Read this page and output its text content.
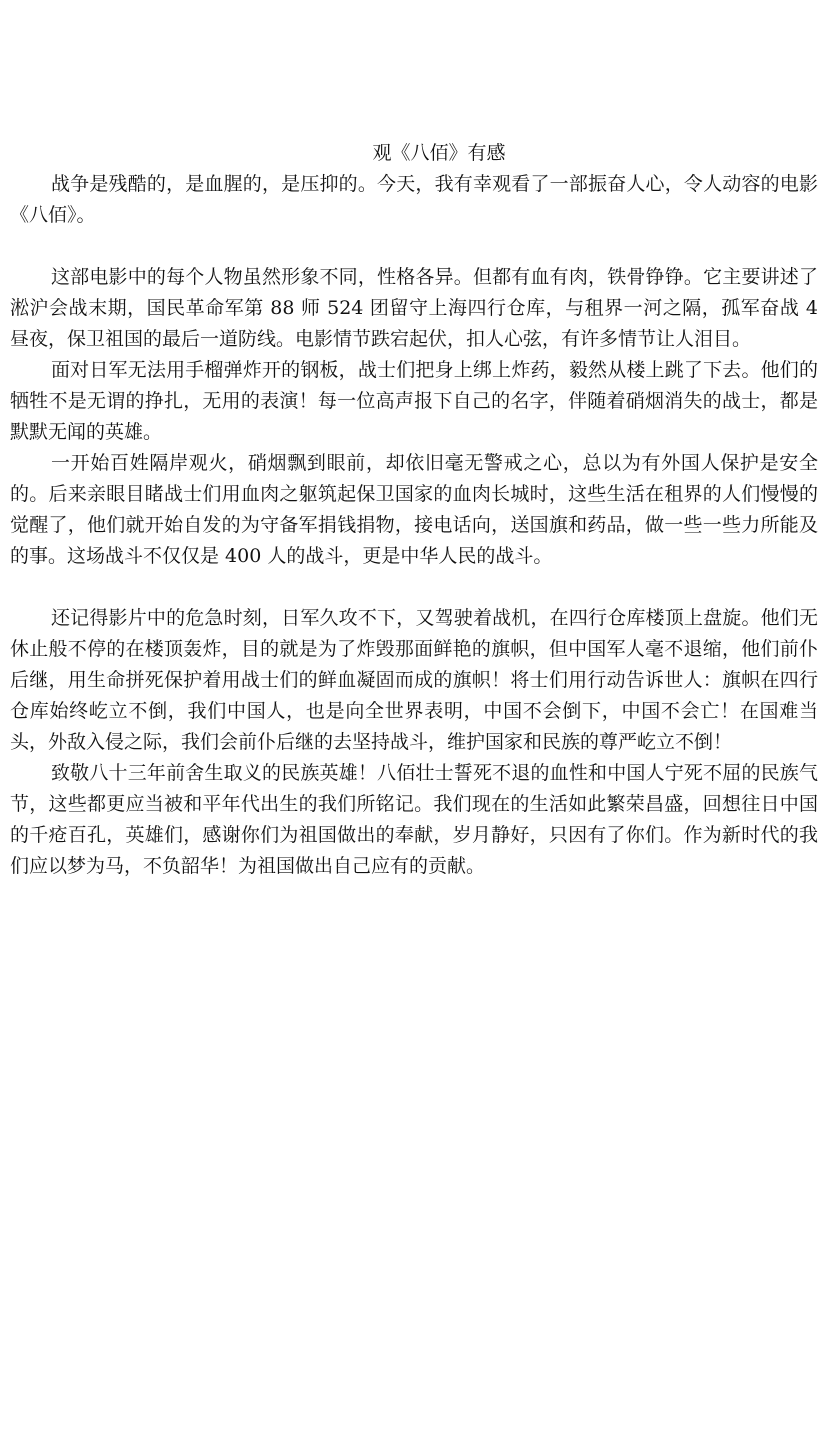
观《八佰》有感

战争是残酷的，是血腥的，是压抑的。今天，我有幸观看了一部振奋人心，令人动容的电影《八佰》。

这部电影中的每个人物虽然形象不同，性格各异。但都有血有肉，铁骨铮铮。它主要讲述了淞沪会战末期，国民革命军第 88 师 524 团留守上海四行仓库，与租界一河之隔，孤军奋战 4 昼夜，保卫祖国的最后一道防线。电影情节跌宕起伏，扣人心弦，有许多情节让人泪目。

面对日军无法用手榴弹炸开的钢板，战士们把身上绑上炸药，毅然从楼上跳了下去。他们的牺牲不是无谓的挣扎，无用的表演！每一位高声报下自己的名字，伴随着硝烟消失的战士，都是默默无闻的英雄。

一开始百姓隔岸观火，硝烟飘到眼前，却依旧毫无警戒之心，总以为有外国人保护是安全的。后来亲眼目睹战士们用血肉之躯筑起保卫国家的血肉长城时，这些生活在租界的人们慢慢的觉醒了，他们就开始自发的为守备军捐钱捐物，接电话向，送国旗和药品，做一些一些力所能及的事。这场战斗不仅仅是 400 人的战斗，更是中华人民的战斗。

还记得影片中的危急时刻，日军久攻不下，又驾驶着战机，在四行仓库楼顶上盘旋。他们无休止般不停的在楼顶轰炸，目的就是为了炸毁那面鲜艳的旗帜，但中国军人毫不退缩，他们前仆后继，用生命拼死保护着用战士们的鲜血凝固而成的旗帜！将士们用行动告诉世人：旗帜在四行仓库始终屹立不倒，我们中国人，也是向全世界表明，中国不会倒下，中国不会亡！在国难当头，外敌入侵之际，我们会前仆后继的去坚持战斗，维护国家和民族的尊严屹立不倒！

致敬八十三年前舍生取义的民族英雄！八佰壮士誓死不退的血性和中国人宁死不屈的民族气节，这些都更应当被和平年代出生的我们所铭记。我们现在的生活如此繁荣昌盛，回想往日中国的千疮百孔，英雄们，感谢你们为祖国做出的奉献，岁月静好，只因有了你们。作为新时代的我们应以梦为马，不负韶华！为祖国做出自己应有的贡献。
